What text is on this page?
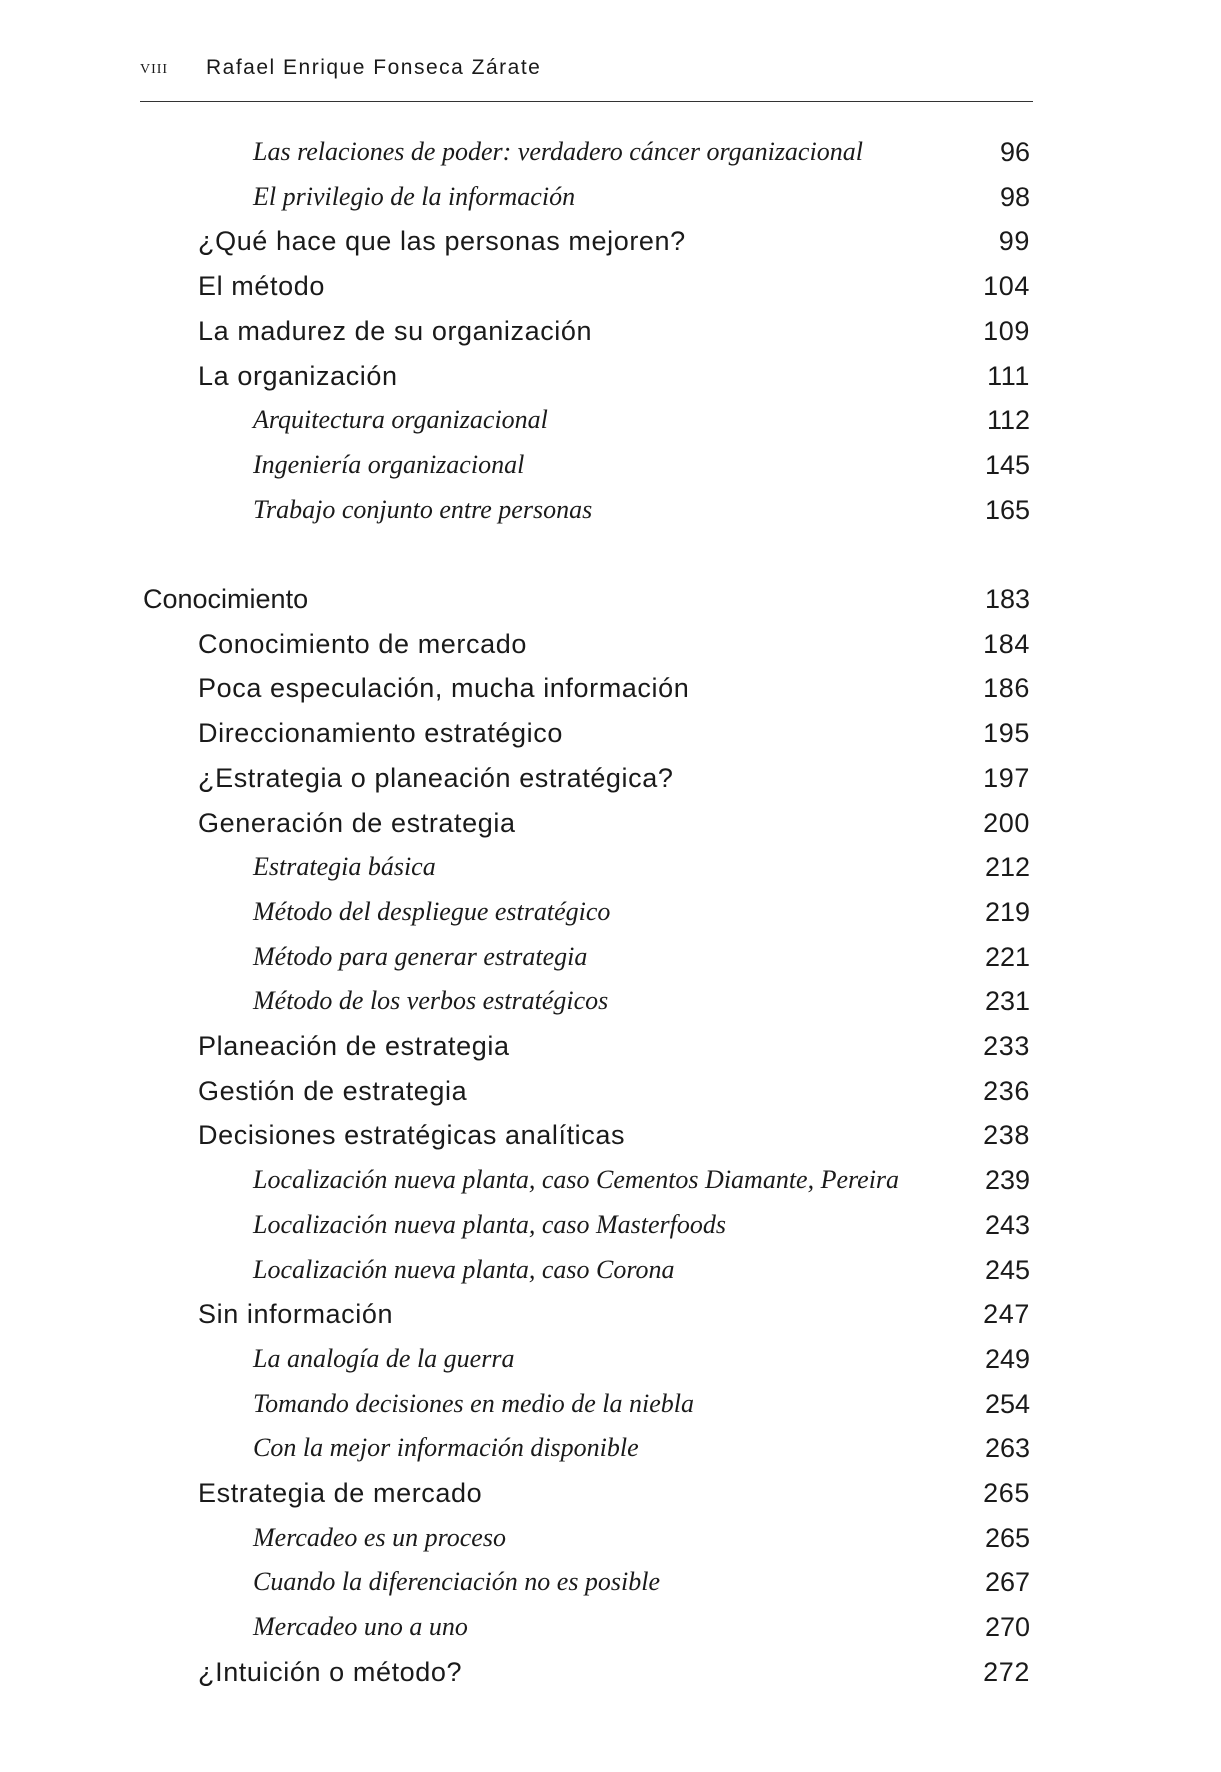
VIII Rafael Enrique Fonseca Zárate
Las relaciones de poder: verdadero cáncer organizacional	96
El privilegio de la información	98
¿Qué hace que las personas mejoren?	99
El método	104
La madurez de su organización	109
La organización	111
Arquitectura organizacional	112
Ingeniería organizacional	145
Trabajo conjunto entre personas	165
Conocimiento	183
Conocimiento de mercado	184
Poca especulación, mucha información	186
Direccionamiento estratégico	195
¿Estrategia o planeación estratégica?	197
Generación de estrategia	200
Estrategia básica	212
Método del despliegue estratégico	219
Método para generar estrategia	221
Método de los verbos estratégicos	231
Planeación de estrategia	233
Gestión de estrategia	236
Decisiones estratégicas analíticas	238
Localización nueva planta, caso Cementos Diamante, Pereira	239
Localización nueva planta, caso Masterfoods	243
Localización nueva planta, caso Corona	245
Sin información	247
La analogía de la guerra	249
Tomando decisiones en medio de la niebla	254
Con la mejor información disponible	263
Estrategia de mercado	265
Mercadeo es un proceso	265
Cuando la diferenciación no es posible	267
Mercadeo uno a uno	270
¿Intuición o método?	272
